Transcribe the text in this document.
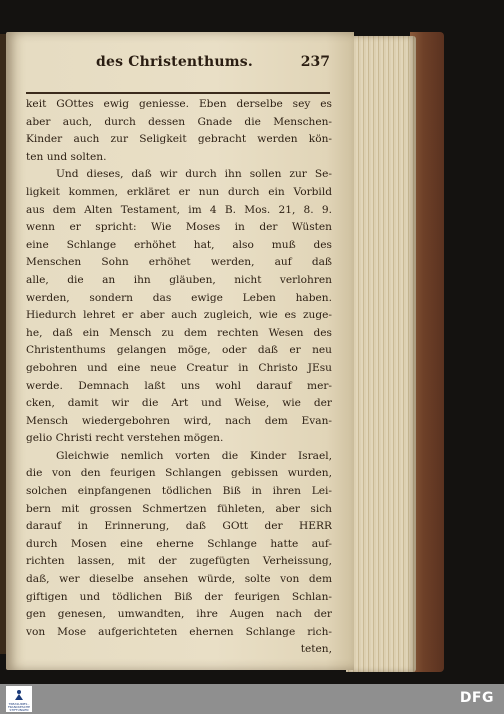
des Christenthums.	237
keit GOttes ewig geniesse. Eben derselbe sey es
aber auch, durch dessen Gnade die Menschen-
Kinder auch zur Seligkeit gebracht werden kön-
ten und solten.
Und dieses, daß wir durch ihn sollen zur Se-
ligkeit kommen, erkläret er nun durch ein Vorbild
aus dem Alten Testament, im 4 B. Mos. 21, 8. 9.
wenn er spricht: Wie Moses in der Wüsten
eine Schlange erhöhet hat, also muß des
Menschen Sohn erhöhet werden, auf daß
alle, die an ihn gläuben, nicht verlohren
werden, sondern das ewige Leben haben.
Hiedurch lehret er aber auch zugleich, wie es zuge-
he, daß ein Mensch zu dem rechten Wesen des
Christenthums gelangen möge, oder daß er neu
gebohren und eine neue Creatur in Christo JEsu
werde. Demnach laßt uns wohl darauf mer-
cken, damit wir die Art und Weise, wie der
Mensch wiedergebohren wird, nach dem Evan-
gelio Christi recht verstehen mögen.
Gleichwie nemlich vorten die Kinder Israel,
die von den feurigen Schlangen gebissen wurden,
solchen einpfangenen tödlichen Biß in ihren Lei-
bern mit grossen Schmertzen fühleten, aber sich
darauf in Erinnerung, daß GOtt der HERR
durch Mosen eine eherne Schlange hatte auf-
richten lassen, mit der zugefügten Verheissung,
daß, wer dieselbe ansehen würde, solte von dem
giftigen und tödlichen Biß der feurigen Schlan-
gen genesen, umwandten, ihre Augen nach der
von Mose aufgerichteten ehernen Schlange rich-
teten,
TREASURIES ‑ FRANCKESCHE STIFTUNGEN
DFG
